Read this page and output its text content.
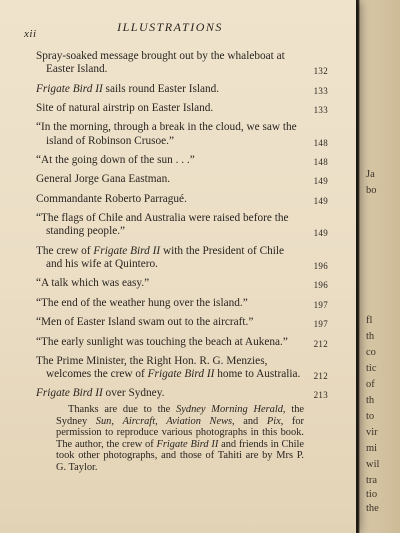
xii	ILLUSTRATIONS
Spray-soaked message brought out by the whaleboat at Easter Island.	132
Frigate Bird II sails round Easter Island.	133
Site of natural airstrip on Easter Island.	133
“In the morning, through a break in the cloud, we saw the island of Robinson Crusoe.”	148
“At the going down of the sun . . .”	148
General Jorge Gana Eastman.	149
Commandante Roberto Parragué.	149
“The flags of Chile and Australia were raised before the standing people.”	149
The crew of Frigate Bird II with the President of Chile and his wife at Quintero.	196
“A talk which was easy.”	196
“The end of the weather hung over the island.”	197
“Men of Easter Island swam out to the aircraft.”	197
“The early sunlight was touching the beach at Aukena.”	212
The Prime Minister, the Right Hon. R. G. Menzies, welcomes the crew of Frigate Bird II home to Australia. 212
Frigate Bird II over Sydney.	213

Thanks are due to the Sydney Morning Herald, the Sydney Sun, Aircraft, Aviation News, and Pix, for permission to reproduce various photographs in this book. The author, the crew of Frigate Bird II and friends in Chile took other photographs, and those of Tahiti are by Mrs P. G. Taylor.

Ja
bo
fl
th
co
tic
of
th
to
vir
mi
wil
tra
tio
the
